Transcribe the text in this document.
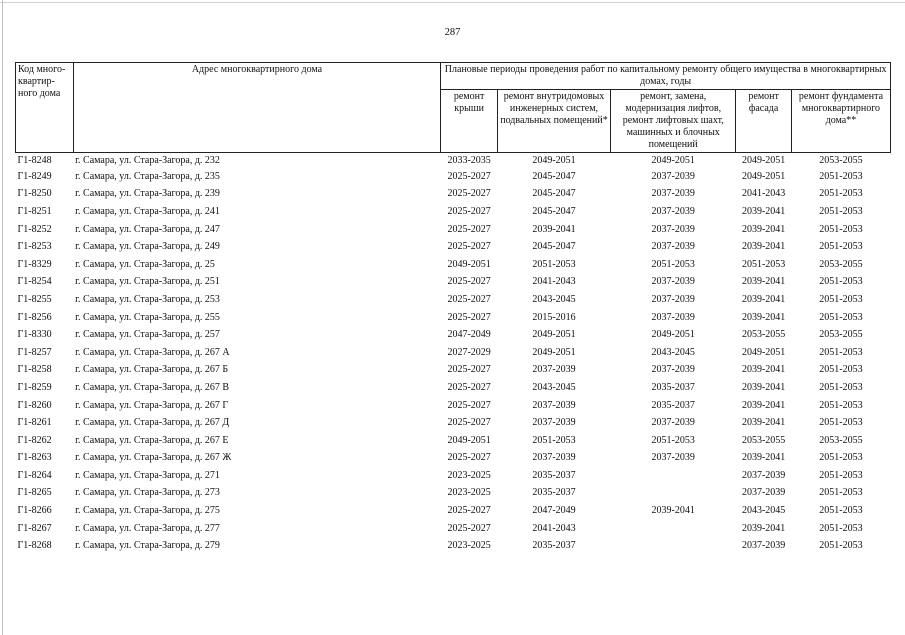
287
Код много-квартир-ного дома	Адрес многоквартирного дома	Плановые периоды проведения работ по капитальному ремонту общего имущества в многоквартирных домах, годы				
		ремонт крыши	ремонт внутридомовых инженерных систем, подвальных помещений*	ремонт, замена, модернизация лифтов, ремонт лифтовых шахт, машинных и блочных помещений	ремонт фасада	ремонт фундамента многоквартирного дома**
Г1-8248	г. Самара, ул. Стара-Загора, д. 232	2033-2035	2049-2051	2049-2051	2049-2051	2053-2055
Г1-8249	г. Самара, ул. Стара-Загора, д. 235	2025-2027	2045-2047	2037-2039	2049-2051	2051-2053
Г1-8250	г. Самара, ул. Стара-Загора, д. 239	2025-2027	2045-2047	2037-2039	2041-2043	2051-2053
Г1-8251	г. Самара, ул. Стара-Загора, д. 241	2025-2027	2045-2047	2037-2039	2039-2041	2051-2053
Г1-8252	г. Самара, ул. Стара-Загора, д. 247	2025-2027	2039-2041	2037-2039	2039-2041	2051-2053
Г1-8253	г. Самара, ул. Стара-Загора, д. 249	2025-2027	2045-2047	2037-2039	2039-2041	2051-2053
Г1-8329	г. Самара, ул. Стара-Загора, д. 25	2049-2051	2051-2053	2051-2053	2051-2053	2053-2055
Г1-8254	г. Самара, ул. Стара-Загора, д. 251	2025-2027	2041-2043	2037-2039	2039-2041	2051-2053
Г1-8255	г. Самара, ул. Стара-Загора, д. 253	2025-2027	2043-2045	2037-2039	2039-2041	2051-2053
Г1-8256	г. Самара, ул. Стара-Загора, д. 255	2025-2027	2015-2016	2037-2039	2039-2041	2051-2053
Г1-8330	г. Самара, ул. Стара-Загора, д. 257	2047-2049	2049-2051	2049-2051	2053-2055	2053-2055
Г1-8257	г. Самара, ул. Стара-Загора, д. 267 А	2027-2029	2049-2051	2043-2045	2049-2051	2051-2053
Г1-8258	г. Самара, ул. Стара-Загора, д. 267 Б	2025-2027	2037-2039	2037-2039	2039-2041	2051-2053
Г1-8259	г. Самара, ул. Стара-Загора, д. 267 В	2025-2027	2043-2045	2035-2037	2039-2041	2051-2053
Г1-8260	г. Самара, ул. Стара-Загора, д. 267 Г	2025-2027	2037-2039	2035-2037	2039-2041	2051-2053
Г1-8261	г. Самара, ул. Стара-Загора, д. 267 Д	2025-2027	2037-2039	2037-2039	2039-2041	2051-2053
Г1-8262	г. Самара, ул. Стара-Загора, д. 267 Е	2049-2051	2051-2053	2051-2053	2053-2055	2053-2055
Г1-8263	г. Самара, ул. Стара-Загора, д. 267 Ж	2025-2027	2037-2039	2037-2039	2039-2041	2051-2053
Г1-8264	г. Самара, ул. Стара-Загора, д. 271	2023-2025	2035-2037		2037-2039	2051-2053
Г1-8265	г. Самара, ул. Стара-Загора, д. 273	2023-2025	2035-2037		2037-2039	2051-2053
Г1-8266	г. Самара, ул. Стара-Загора, д. 275	2025-2027	2047-2049	2039-2041	2043-2045	2051-2053
Г1-8267	г. Самара, ул. Стара-Загора, д. 277	2025-2027	2041-2043		2039-2041	2051-2053
Г1-8268	г. Самара, ул. Стара-Загора, д. 279	2023-2025	2035-2037		2037-2039	2051-2053
